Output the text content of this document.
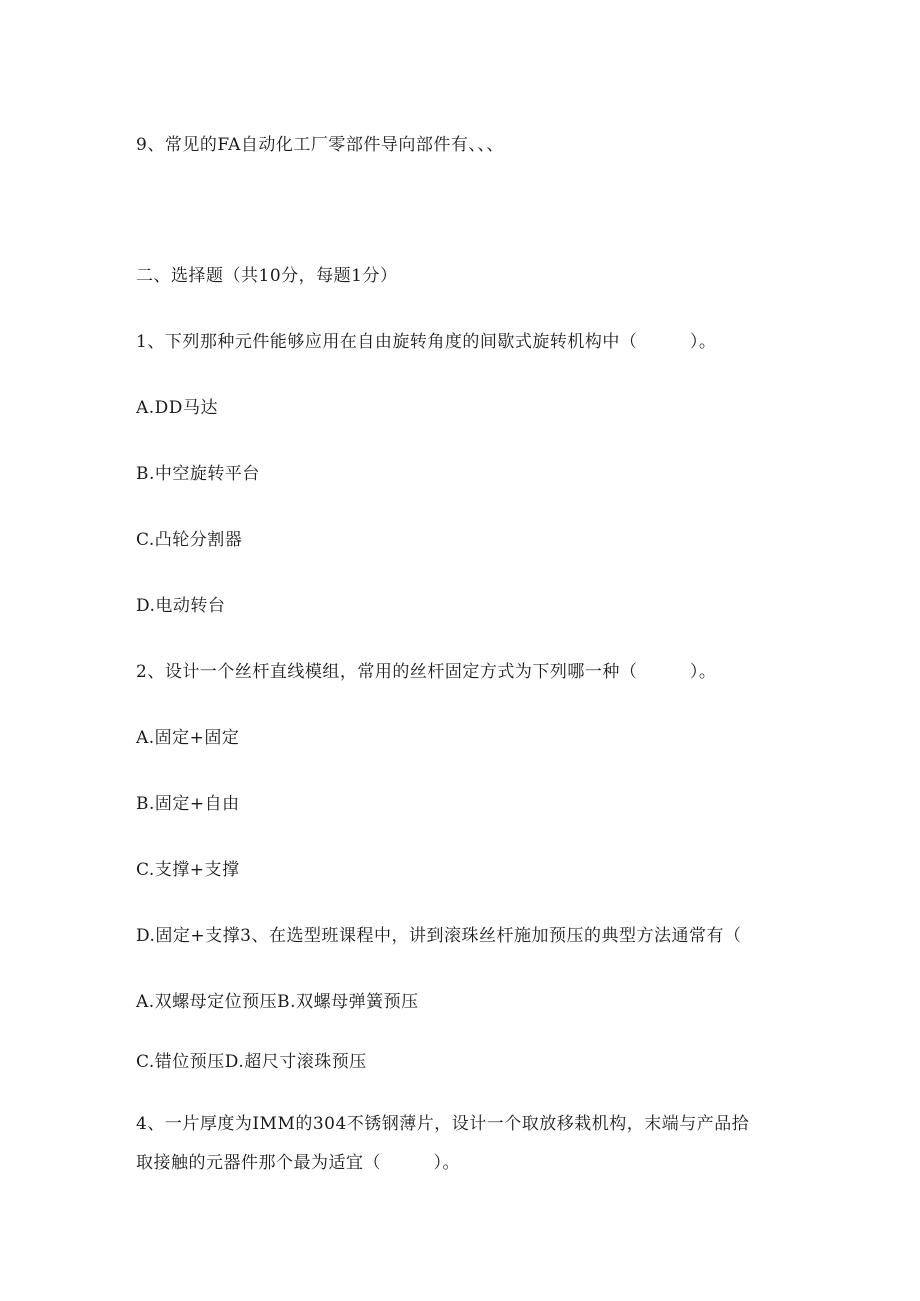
9、常见的FA自动化工厂零部件导向部件有、、、
二、选择题（共10分，每题1分）
1、下列那种元件能够应用在自由旋转角度的间歇式旋转机构中（　　　）。
A.DD马达
B.中空旋转平台
C.凸轮分割器
D.电动转台
2、设计一个丝杆直线模组，常用的丝杆固定方式为下列哪一种（　　　）。
A.固定+固定
B.固定+自由
C.支撑+支撑
D.固定+支撑3、在选型班课程中，讲到滚珠丝杆施加预压的典型方法通常有（
A.双螺母定位预压B.双螺母弹簧预压
C.错位预压D.超尺寸滚珠预压
4、一片厚度为IMM的304不锈钢薄片，设计一个取放移栽机构，末端与产品拾
取接触的元器件那个最为适宜（　　　）。
